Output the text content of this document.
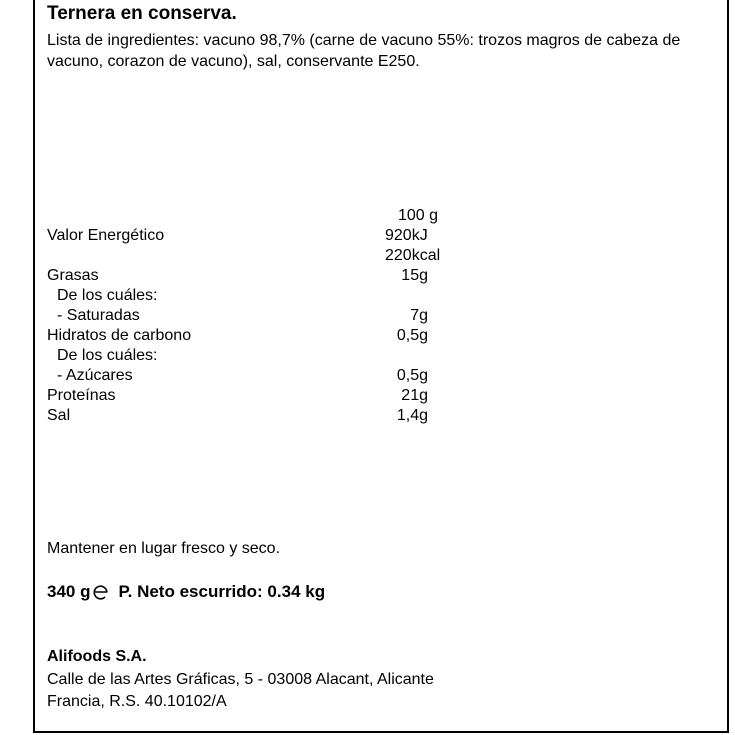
Ternera en conserva.
Lista de ingredientes: vacuno 98,7% (carne de vacuno 55%: trozos magros de cabeza de vacuno, corazon de vacuno), sal, conservante E250.
100 g
Valor Energético	920kJ
220kcal
Grasas	15g
De los cuáles:
- Saturadas	7g
Hidratos de carbono	0,5g
De los cuáles:
- Azúcares	0,5g
Proteínas	21g
Sal	1,4g
Mantener en lugar fresco y seco.
340 g P. Neto escurrido: 0.34 kg
Alifoods S.A.
Calle de las Artes Gráficas, 5 - 03008 Alacant, Alicante
Francia, R.S. 40.10102/A
